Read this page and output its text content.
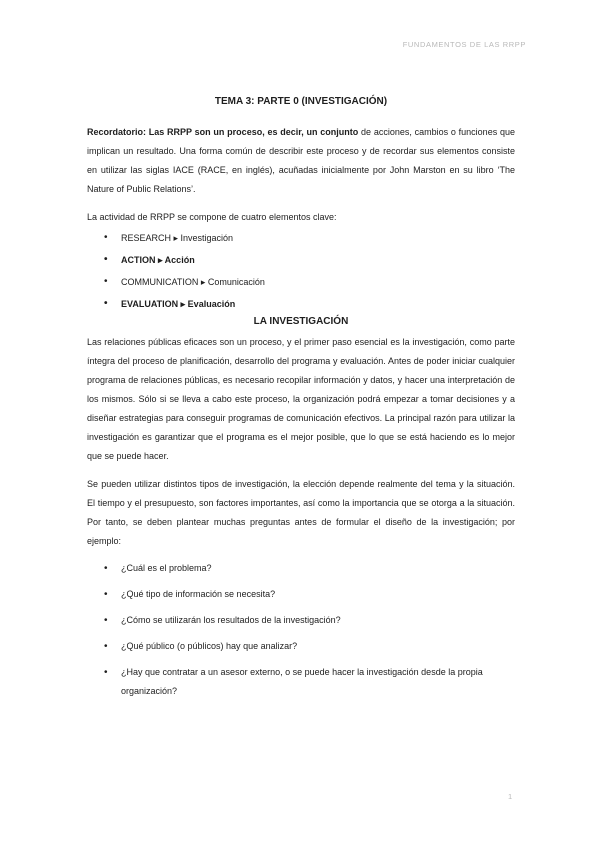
FUNDAMENTOS DE LAS RRPP
TEMA 3: PARTE 0 (INVESTIGACIÓN)

Recordatorio: Las RRPP son un proceso, es decir, un conjunto de acciones, cambios o funciones que implican un resultado. Una forma común de describir este proceso y de recordar sus elementos consiste en utilizar las siglas IACE (RACE, en inglés), acuñadas inicialmente por John Marston en su libro ‘The Nature of Public Relations’.

La actividad de RRPP se compone de cuatro elementos clave:

• RESEARCH ▸ Investigación
• ACTION ▸ Acción
• COMMUNICATION ▸ Comunicación
• EVALUATION ▸ Evaluación
LA INVESTIGACIÓN

Las relaciones públicas eficaces son un proceso, y el primer paso esencial es la investigación, como parte íntegra del proceso de planificación, desarrollo del programa y evaluación. Antes de poder iniciar cualquier programa de relaciones públicas, es necesario recopilar información y datos, y hacer una interpretación de los mismos. Sólo si se lleva a cabo este proceso, la organización podrá empezar a tomar decisiones y a diseñar estrategias para conseguir programas de comunicación efectivos. La principal razón para utilizar la investigación es garantizar que el programa es el mejor posible, que lo que se está haciendo es lo mejor que se puede hacer.

Se pueden utilizar distintos tipos de investigación, la elección depende realmente del tema y la situación. El tiempo y el presupuesto, son factores importantes, así como la importancia que se otorga a la situación. Por tanto, se deben plantear muchas preguntas antes de formular el diseño de la investigación; por ejemplo:

• ¿Cuál es el problema?
• ¿Qué tipo de información se necesita?
• ¿Cómo se utilizarán los resultados de la investigación?
• ¿Qué público (o públicos) hay que analizar?
• ¿Hay que contratar a un asesor externo, o se puede hacer la investigación desde la propia organización?
1
